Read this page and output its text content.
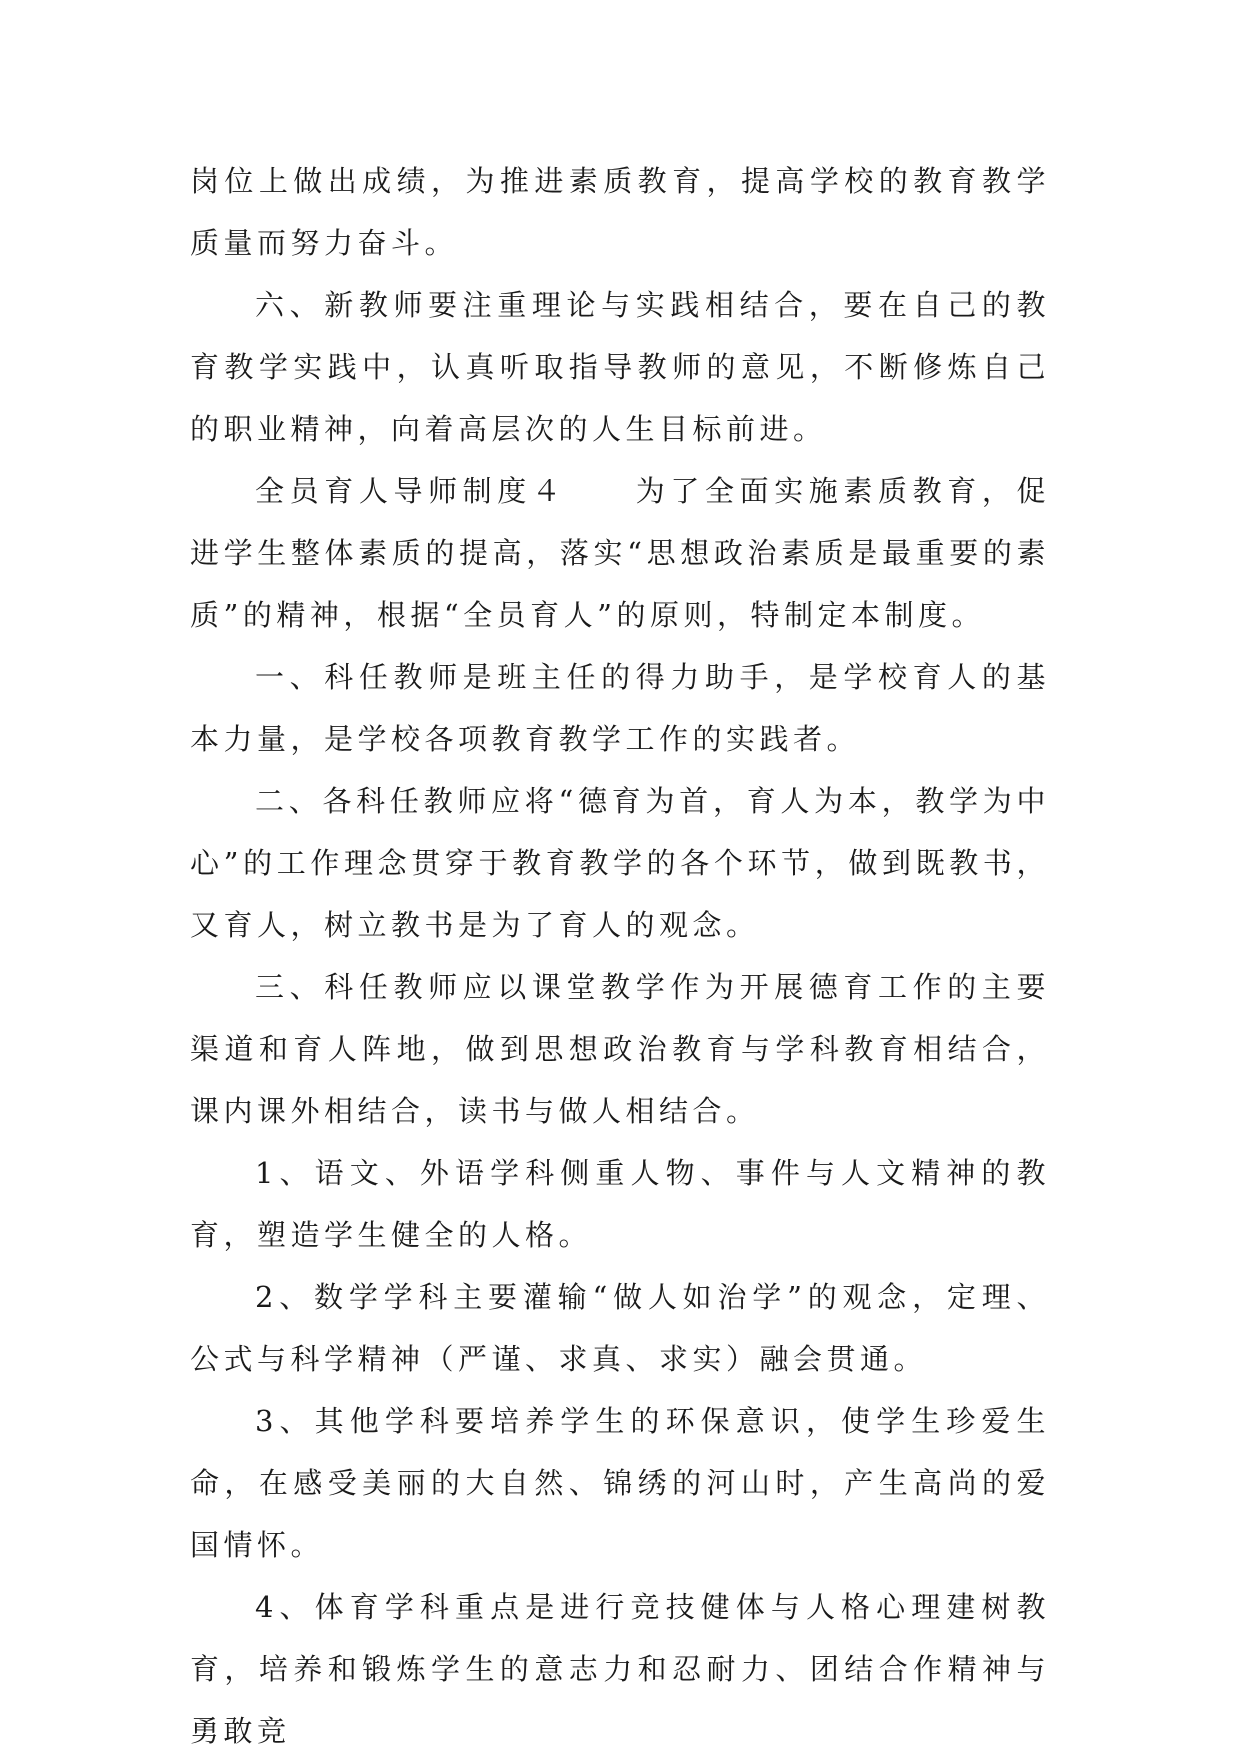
岗位上做出成绩，为推进素质教育，提高学校的教育教学质量而努力奋斗。

六、新教师要注重理论与实践相结合，要在自己的教育教学实践中，认真听取指导教师的意见，不断修炼自己的职业精神，向着高层次的人生目标前进。

全员育人导师制度４　　为了全面实施素质教育，促进学生整体素质的提高，落实“思想政治素质是最重要的素质”的精神，根据“全员育人”的原则，特制定本制度。

一、科任教师是班主任的得力助手，是学校育人的基本力量，是学校各项教育教学工作的实践者。

二、各科任教师应将“德育为首，育人为本，教学为中心”的工作理念贯穿于教育教学的各个环节，做到既教书，又育人，树立教书是为了育人的观念。

三、科任教师应以课堂教学作为开展德育工作的主要渠道和育人阵地，做到思想政治教育与学科教育相结合，课内课外相结合，读书与做人相结合。

1、语文、外语学科侧重人物、事件与人文精神的教育，塑造学生健全的人格。

2、数学学科主要灌输“做人如治学”的观念，定理、公式与科学精神（严谨、求真、求实）融会贯通。

3、其他学科要培养学生的环保意识，使学生珍爱生命，在感受美丽的大自然、锦绣的河山时，产生高尚的爱国情怀。

4、体育学科重点是进行竞技健体与人格心理建树教育，培养和锻炼学生的意志力和忍耐力、团结合作精神与勇敢竞
